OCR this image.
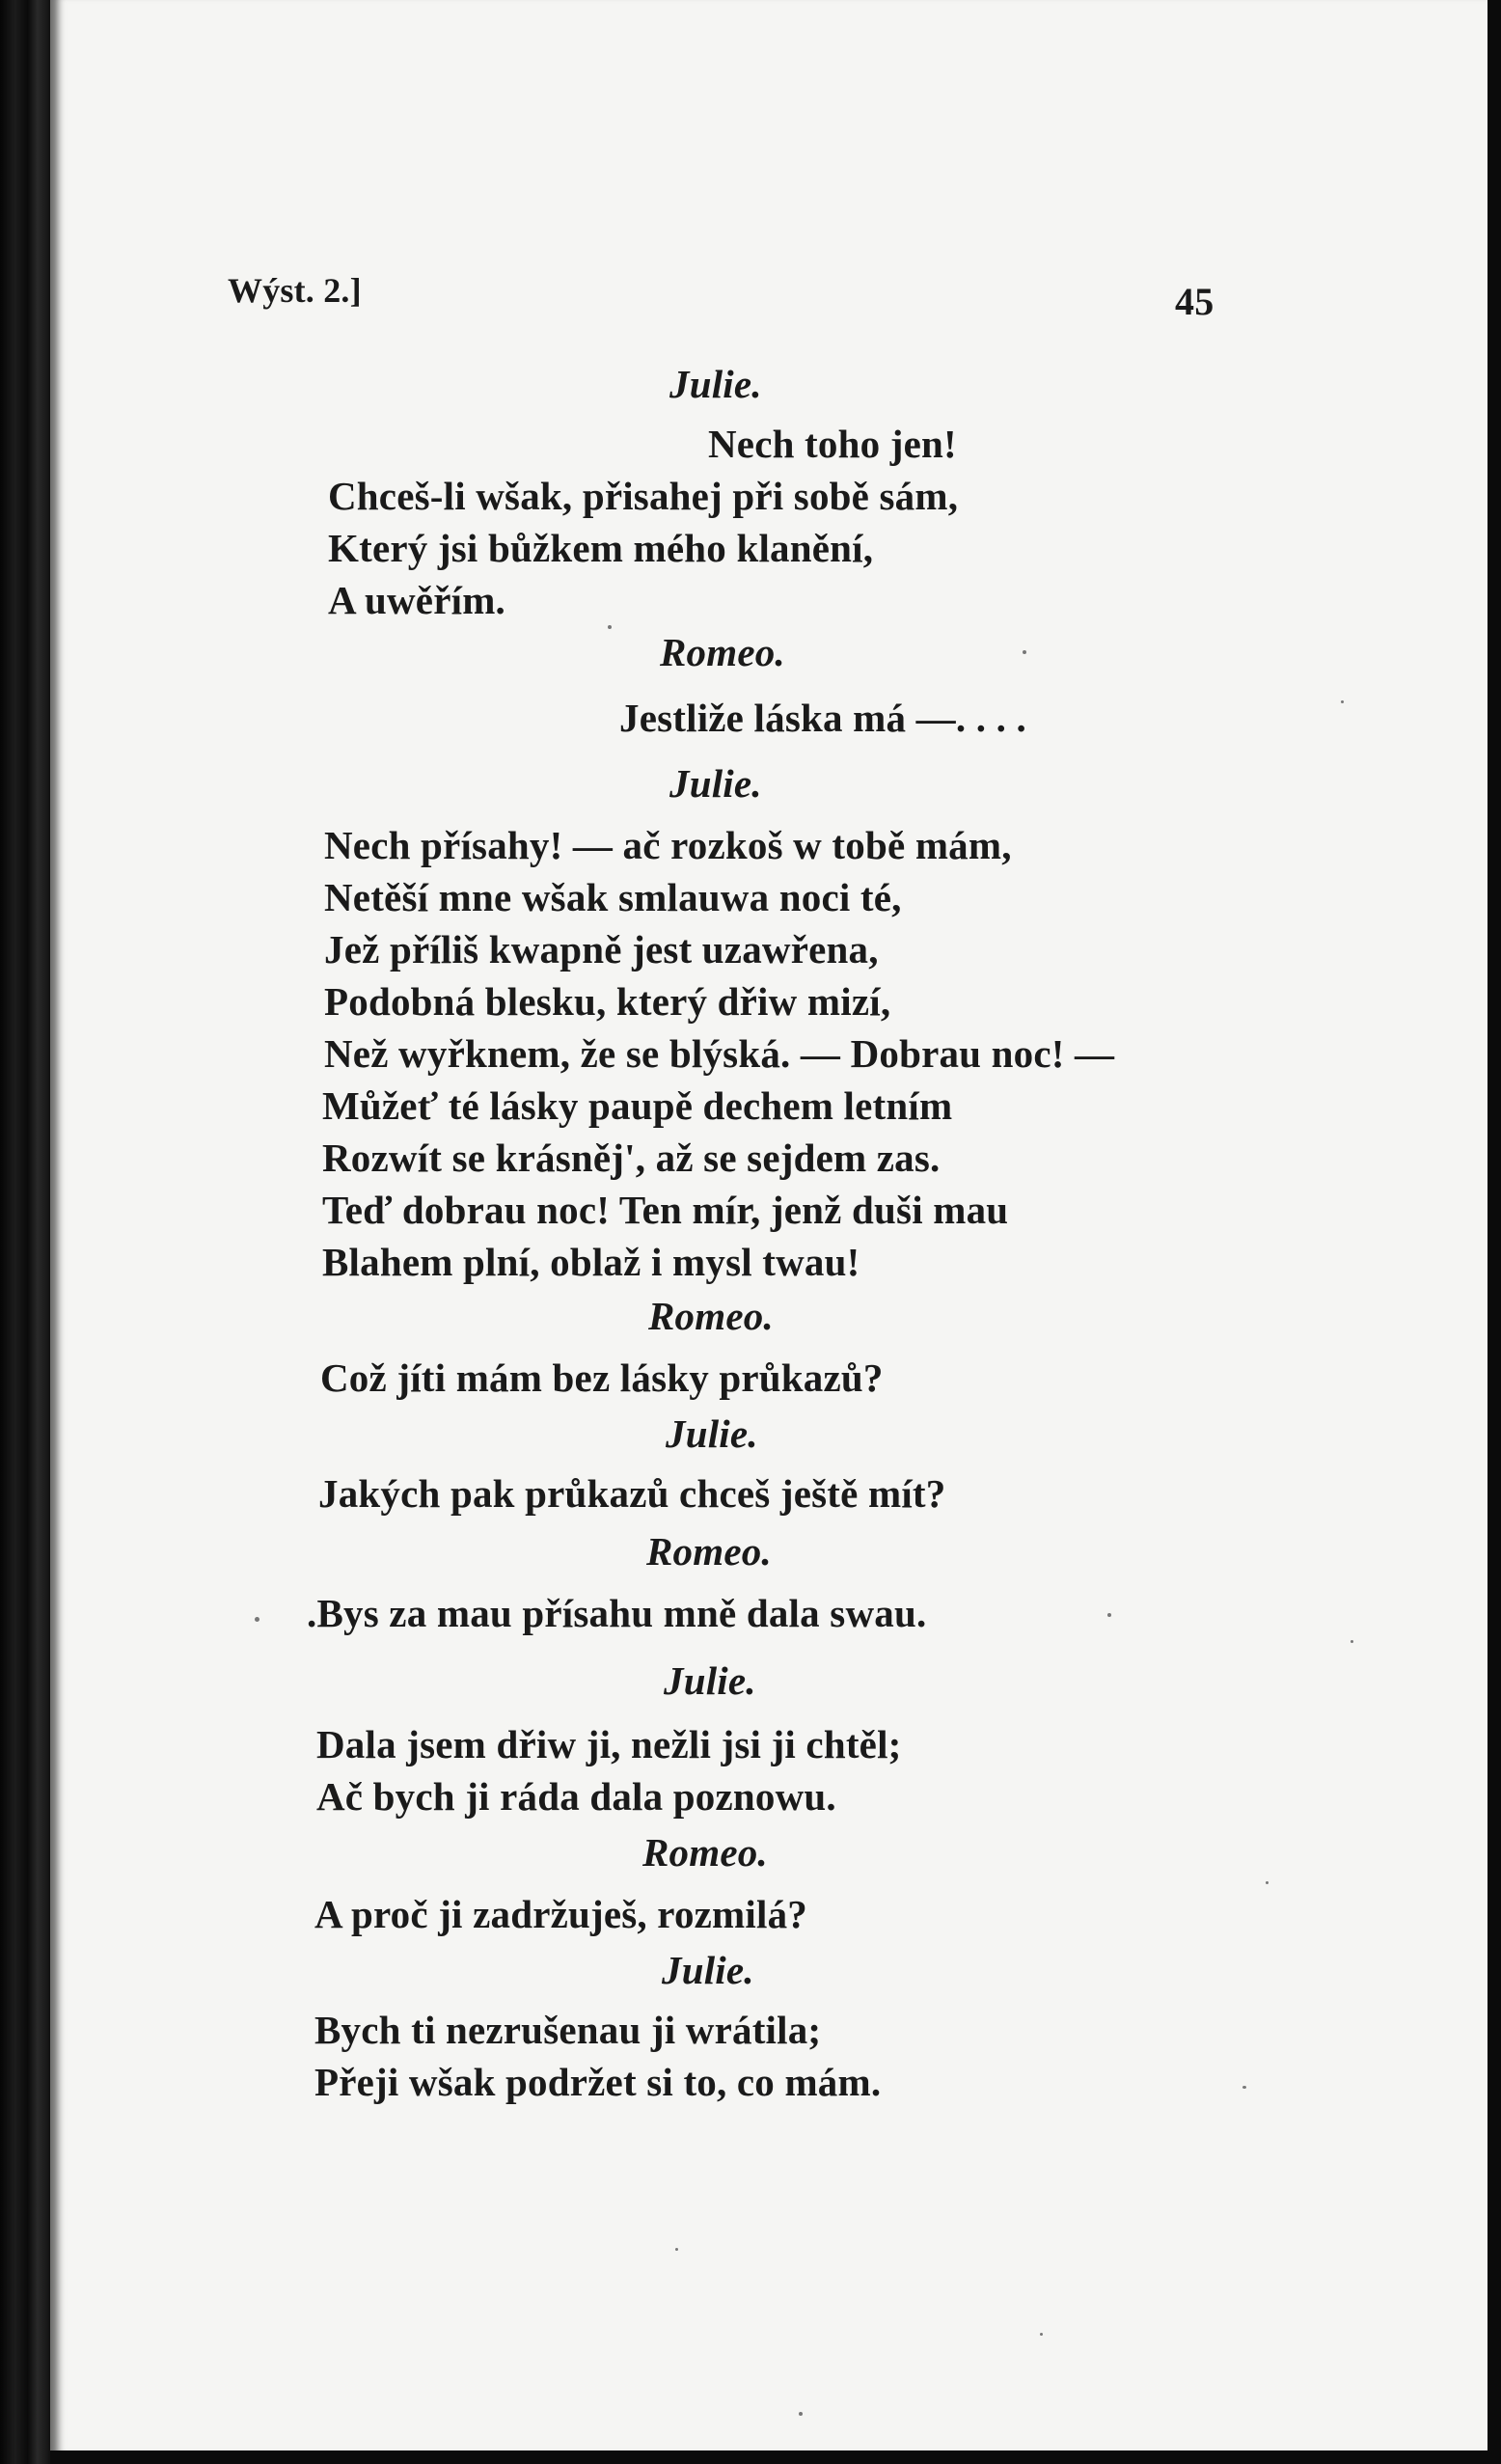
Wýst. 2.]	45
Julie.
Nech toho jen!
Chceš-li wšak, přisahej při sobě sám,
Který jsi bůžkem mého klanění,
A uwěřím.
Romeo.
Jestliže láska má —. . . .
Julie.
Nech přísahy! — ač rozkoš w tobě mám,
Netěší mne wšak smlauwa noci té,
Jež příliš kwapně jest uzawřena,
Podobná blesku, který dřiw mizí,
Než wyřknem, že se blýská. — Dobrau noc! —
Můžeť té lásky paupě dechem letním
Rozwít se krásněj', až se sejdem zas.
Teď dobrau noc! Ten mír, jenž duši mau
Blahem plní, oblaž i mysl twau!
Romeo.
Což jíti mám bez lásky průkazů?
Julie.
Jakých pak průkazů chceš ještě mít?
Romeo.
.Bys za mau přísahu mně dala swau.
Julie.
Dala jsem dřiw ji, nežli jsi ji chtěl;
Ač bych ji ráda dala poznowu.
Romeo.
A proč ji zadržuješ, rozmilá?
Julie.
Bych ti nezrušenau ji wrátila;
Přeji wšak podržet si to, co mám.
